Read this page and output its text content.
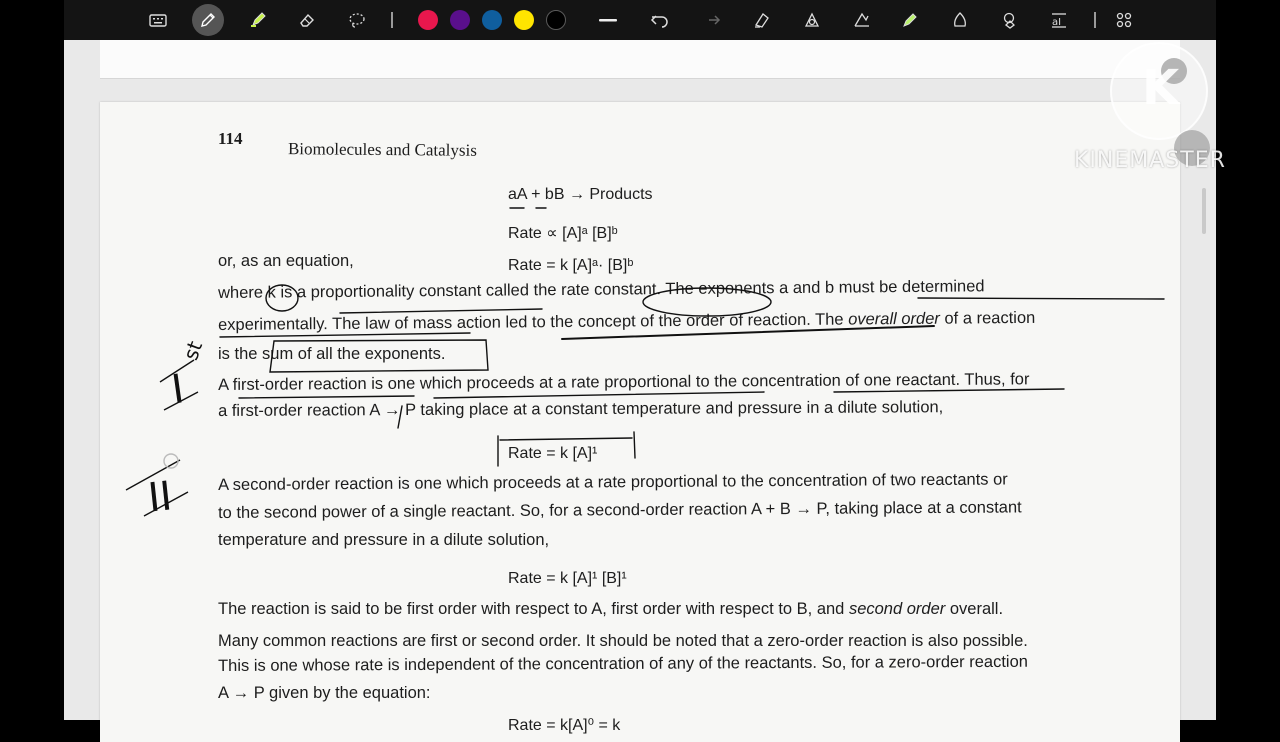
aI
114
Biomolecules and Catalysis
aA + bB → Products
Rate ∝ [A]ᵃ [B]ᵇ
or, as an equation,	Rate = k [A]ᵃ· [B]ᵇ
where k is a proportionality constant called the rate constant. The exponents a and b must be determined
experimentally. The law of mass action led to the concept of the order of reaction. The overall order of a reaction
is the sum of all the exponents.
A first-order reaction is one which proceeds at a rate proportional to the concentration of one reactant. Thus, for
a first-order reaction A → P taking place at a constant temperature and pressure in a dilute solution,
Rate = k [A]¹
A second-order reaction is one which proceeds at a rate proportional to the concentration of two reactants or
to the second power of a single reactant. So, for a second-order reaction A + B → P, taking place at a constant
temperature and pressure in a dilute solution,
Rate = k [A]¹ [B]¹
The reaction is said to be first order with respect to A, first order with respect to B, and second order overall.
Many common reactions are first or second order. It should be noted that a zero-order reaction is also possible.
This is one whose rate is independent of the concentration of any of the reactants. So, for a zero-order reaction
A → P given by the equation:
Rate = k[A]⁰ = k
st
I
II
K
KINEMASTER
